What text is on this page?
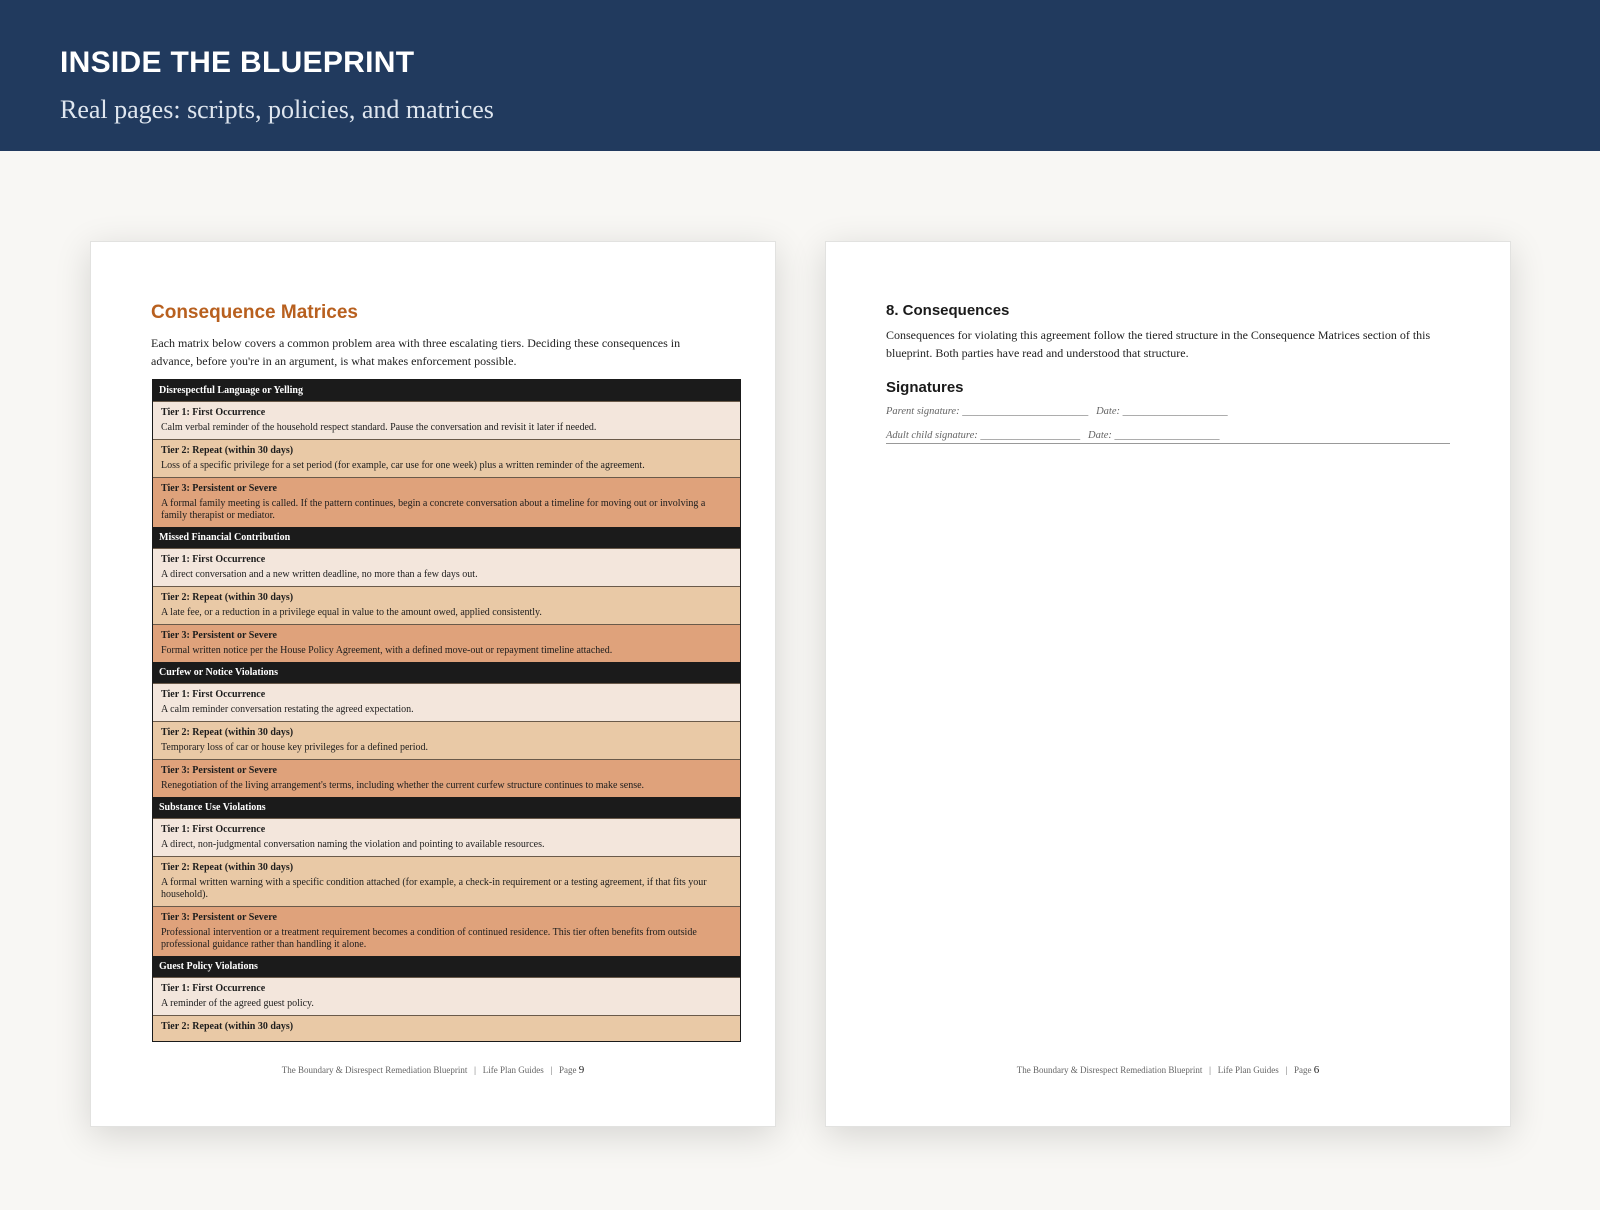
INSIDE THE BLUEPRINT
Real pages: scripts, policies, and matrices
Consequence Matrices
Each matrix below covers a common problem area with three escalating tiers. Deciding these consequences in advance, before you're in an argument, is what makes enforcement possible.
Disrespectful Language or Yelling
Tier 1: First Occurrence
Calm verbal reminder of the household respect standard. Pause the conversation and revisit it later if needed.
Tier 2: Repeat (within 30 days)
Loss of a specific privilege for a set period (for example, car use for one week) plus a written reminder of the agreement.
Tier 3: Persistent or Severe
A formal family meeting is called. If the pattern continues, begin a concrete conversation about a timeline for moving out or involving a family therapist or mediator.
Missed Financial Contribution
Tier 1: First Occurrence
A direct conversation and a new written deadline, no more than a few days out.
Tier 2: Repeat (within 30 days)
A late fee, or a reduction in a privilege equal in value to the amount owed, applied consistently.
Tier 3: Persistent or Severe
Formal written notice per the House Policy Agreement, with a defined move-out or repayment timeline attached.
Curfew or Notice Violations
Tier 1: First Occurrence
A calm reminder conversation restating the agreed expectation.
Tier 2: Repeat (within 30 days)
Temporary loss of car or house key privileges for a defined period.
Tier 3: Persistent or Severe
Renegotiation of the living arrangement's terms, including whether the current curfew structure continues to make sense.
Substance Use Violations
Tier 1: First Occurrence
A direct, non-judgmental conversation naming the violation and pointing to available resources.
Tier 2: Repeat (within 30 days)
A formal written warning with a specific condition attached (for example, a check-in requirement or a testing agreement, if that fits your household).
Tier 3: Persistent or Severe
Professional intervention or a treatment requirement becomes a condition of continued residence. This tier often benefits from outside professional guidance rather than handling it alone.
Guest Policy Violations
Tier 1: First Occurrence
A reminder of the agreed guest policy.
Tier 2: Repeat (within 30 days)
The Boundary & Disrespect Remediation Blueprint   |   Life Plan Guides   |   Page 9
8. Consequences
Consequences for violating this agreement follow the tiered structure in the Consequence Matrices section of this blueprint. Both parties have read and understood that structure.
Signatures
Parent signature: ________________________   Date: ____________________
Adult child signature: ___________________   Date: ____________________
The Boundary & Disrespect Remediation Blueprint   |   Life Plan Guides   |   Page 6
